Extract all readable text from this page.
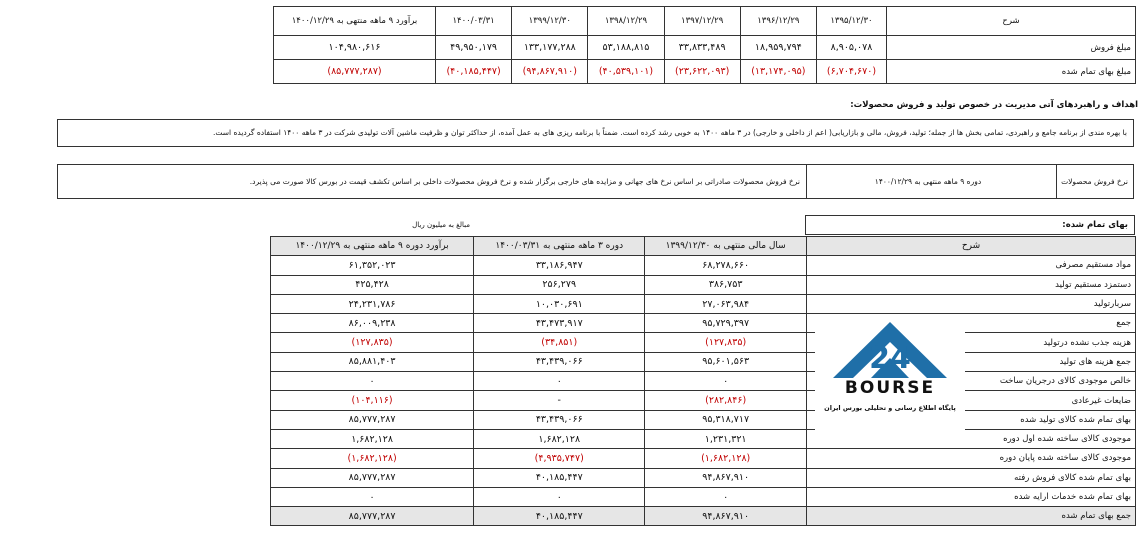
برآورد ۹ ماهه منتهی به ۱۴۰۰/۱۲/۲۹	۱۴۰۰/۰۳/۳۱	۱۳۹۹/۱۲/۳۰	۱۳۹۸/۱۲/۲۹	۱۳۹۷/۱۲/۲۹	۱۳۹۶/۱۲/۲۹	۱۳۹۵/۱۲/۳۰	شرح
۱۰۴,۹۸۰,۶۱۶	۴۹,۹۵۰,۱۷۹	۱۳۳,۱۷۷,۲۸۸	۵۳,۱۸۸,۸۱۵	۳۳,۸۳۳,۴۸۹	۱۸,۹۵۹,۷۹۴	۸,۹۰۵,۰۷۸	مبلغ فروش
(۸۵,۷۷۷,۲۸۷)	(۴۰,۱۸۵,۴۴۷)	(۹۴,۸۶۷,۹۱۰)	(۴۰,۵۳۹,۱۰۱)	(۲۳,۶۲۲,۰۹۳)	(۱۳,۱۷۴,۰۹۵)	(۶,۷۰۴,۶۷۰)	مبلغ بهای تمام شده
اهداف و راهبردهای آتی مدیریت در خصوص تولید و فروش محصولات:
با بهره مندی از برنامه جامع و راهبردی، تمامی بخش ها از جمله؛ تولید، فروش، مالی و بازاریابی( اعم از داخلی و خارجی) در ۳ ماهه ۱۴۰۰ به خوبی رشد کرده است. ضمناً با برنامه ریزی های به عمل آمده، از حداکثر توان و ظرفیت ماشین آلات تولیدی شرکت در ۳ ماهه ۱۴۰۰ استفاده گردیده است.
نرخ فروش محصولات
دوره ۹ ماهه منتهی به ۱۴۰۰/۱۲/۲۹
نرخ فروش محصولات صادراتی بر اساس نرخ های جهانی و مزایده های خارجی برگزار شده و نرخ فروش محصولات داخلی بر اساس تکشف قیمت در بورس کالا صورت می پذیرد.
بهای تمام شده:
مبالغ به میلیون ریال
برآورد دوره ۹ ماهه منتهی به ۱۴۰۰/۱۲/۲۹	دوره ۳ ماهه منتهی به ۱۴۰۰/۰۳/۳۱	سال مالی منتهی به ۱۳۹۹/۱۲/۳۰	شرح
۶۱,۳۵۲,۰۲۳	۳۳,۱۸۶,۹۴۷	۶۸,۲۷۸,۶۶۰	مواد مستقیم مصرفی
۴۲۵,۴۲۸	۲۵۶,۲۷۹	۳۸۶,۷۵۳	دستمزد مستقیم تولید
۲۴,۲۳۱,۷۸۶	۱۰,۰۳۰,۶۹۱	۲۷,۰۶۳,۹۸۴	سربارتولید
۸۶,۰۰۹,۲۳۸	۴۳,۴۷۳,۹۱۷	۹۵,۷۲۹,۳۹۷	جمع
(۱۲۷,۸۳۵)	(۳۴,۸۵۱)	(۱۲۷,۸۳۵)	هزینه جذب نشده درتولید
۸۵,۸۸۱,۴۰۳	۴۳,۴۳۹,۰۶۶	۹۵,۶۰۱,۵۶۳	جمع هزینه های تولید
۰	۰	۰	خالص موجودی کالای درجریان ساخت
(۱۰۴,۱۱۶)	-	(۲۸۲,۸۴۶)	ضایعات غیرعادی
۸۵,۷۷۷,۲۸۷	۴۳,۴۳۹,۰۶۶	۹۵,۳۱۸,۷۱۷	بهای تمام شده کالای تولید شده
۱,۶۸۲,۱۲۸	۱,۶۸۲,۱۲۸	۱,۲۳۱,۳۲۱	موجودی کالای ساخته شده اول دوره
(۱,۶۸۲,۱۲۸)	(۴,۹۳۵,۷۴۷)	(۱,۶۸۲,۱۲۸)	موجودی کالای ساخته شده پایان دوره
۸۵,۷۷۷,۲۸۷	۴۰,۱۸۵,۴۴۷	۹۴,۸۶۷,۹۱۰	بهای تمام شده کالای فروش رفته
۰	۰	۰	بهای تمام شده خدمات ارایه شده
۸۵,۷۷۷,۲۸۷	۴۰,۱۸۵,۴۴۷	۹۴,۸۶۷,۹۱۰	جمع بهای تمام شده
24
BOURSE
پایگاه اطلاع رسانی و تحلیلی بورس ایران
